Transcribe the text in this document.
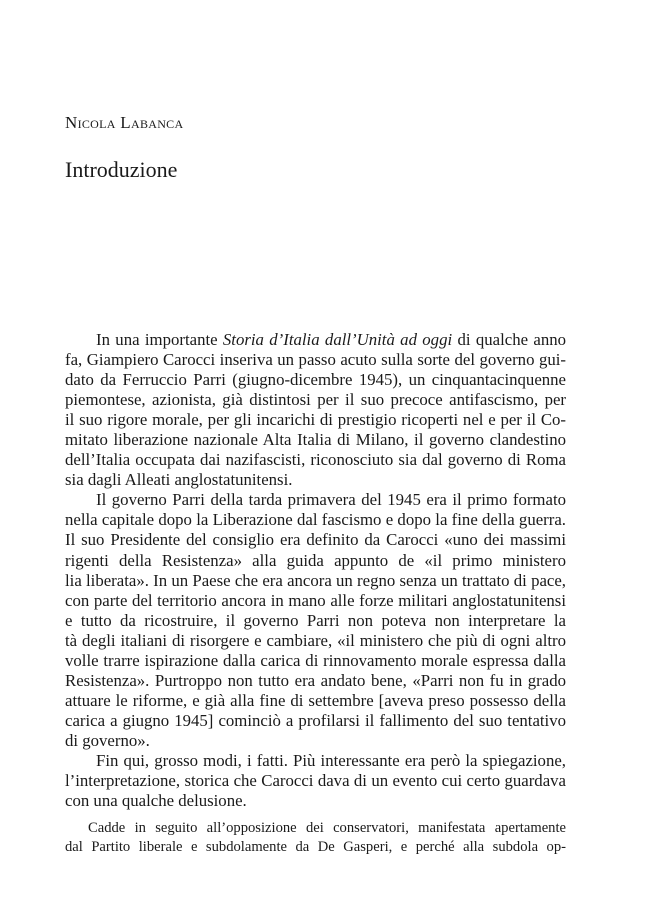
Nicola Labanca
Introduzione
In una importante Storia d’Italia dall’Unità ad oggi di qualche anno
fa, Giampiero Carocci inseriva un passo acuto sulla sorte del governo gui-
dato da Ferruccio Parri (giugno-dicembre 1945), un cinquantacinquenne
piemontese, azionista, già distintosi per il suo precoce antifascismo, per
il suo rigore morale, per gli incarichi di prestigio ricoperti nel e per il Co-
mitato liberazione nazionale Alta Italia di Milano, il governo clandestino
dell’Italia occupata dai nazifascisti, riconosciuto sia dal governo di Roma
sia dagli Alleati anglostatunitensi.
Il governo Parri della tarda primavera del 1945 era il primo formato
nella capitale dopo la Liberazione dal fascismo e dopo la fine della guerra.
Il suo Presidente del consiglio era definito da Carocci «uno dei massimi
rigenti della Resistenza» alla guida appunto de «il primo ministero
lia liberata». In un Paese che era ancora un regno senza un trattato di pace,
con parte del territorio ancora in mano alle forze militari anglostatunitensi
e tutto da ricostruire, il governo Parri non poteva non interpretare la
tà degli italiani di risorgere e cambiare, «il ministero che più di ogni altro
volle trarre ispirazione dalla carica di rinnovamento morale espressa dalla
Resistenza». Purtroppo non tutto era andato bene, «Parri non fu in grado
attuare le riforme, e già alla fine di settembre [aveva preso possesso della
carica a giugno 1945] cominciò a profilarsi il fallimento del suo tentativo
di governo».
Fin qui, grosso modi, i fatti. Più interessante era però la spiegazione,
l’interpretazione, storica che Carocci dava di un evento cui certo guardava
con una qualche delusione.
Cadde in seguito all’opposizione dei conservatori, manifestata apertamente
dal Partito liberale e subdolamente da De Gasperi, e perché alla subdola op-
